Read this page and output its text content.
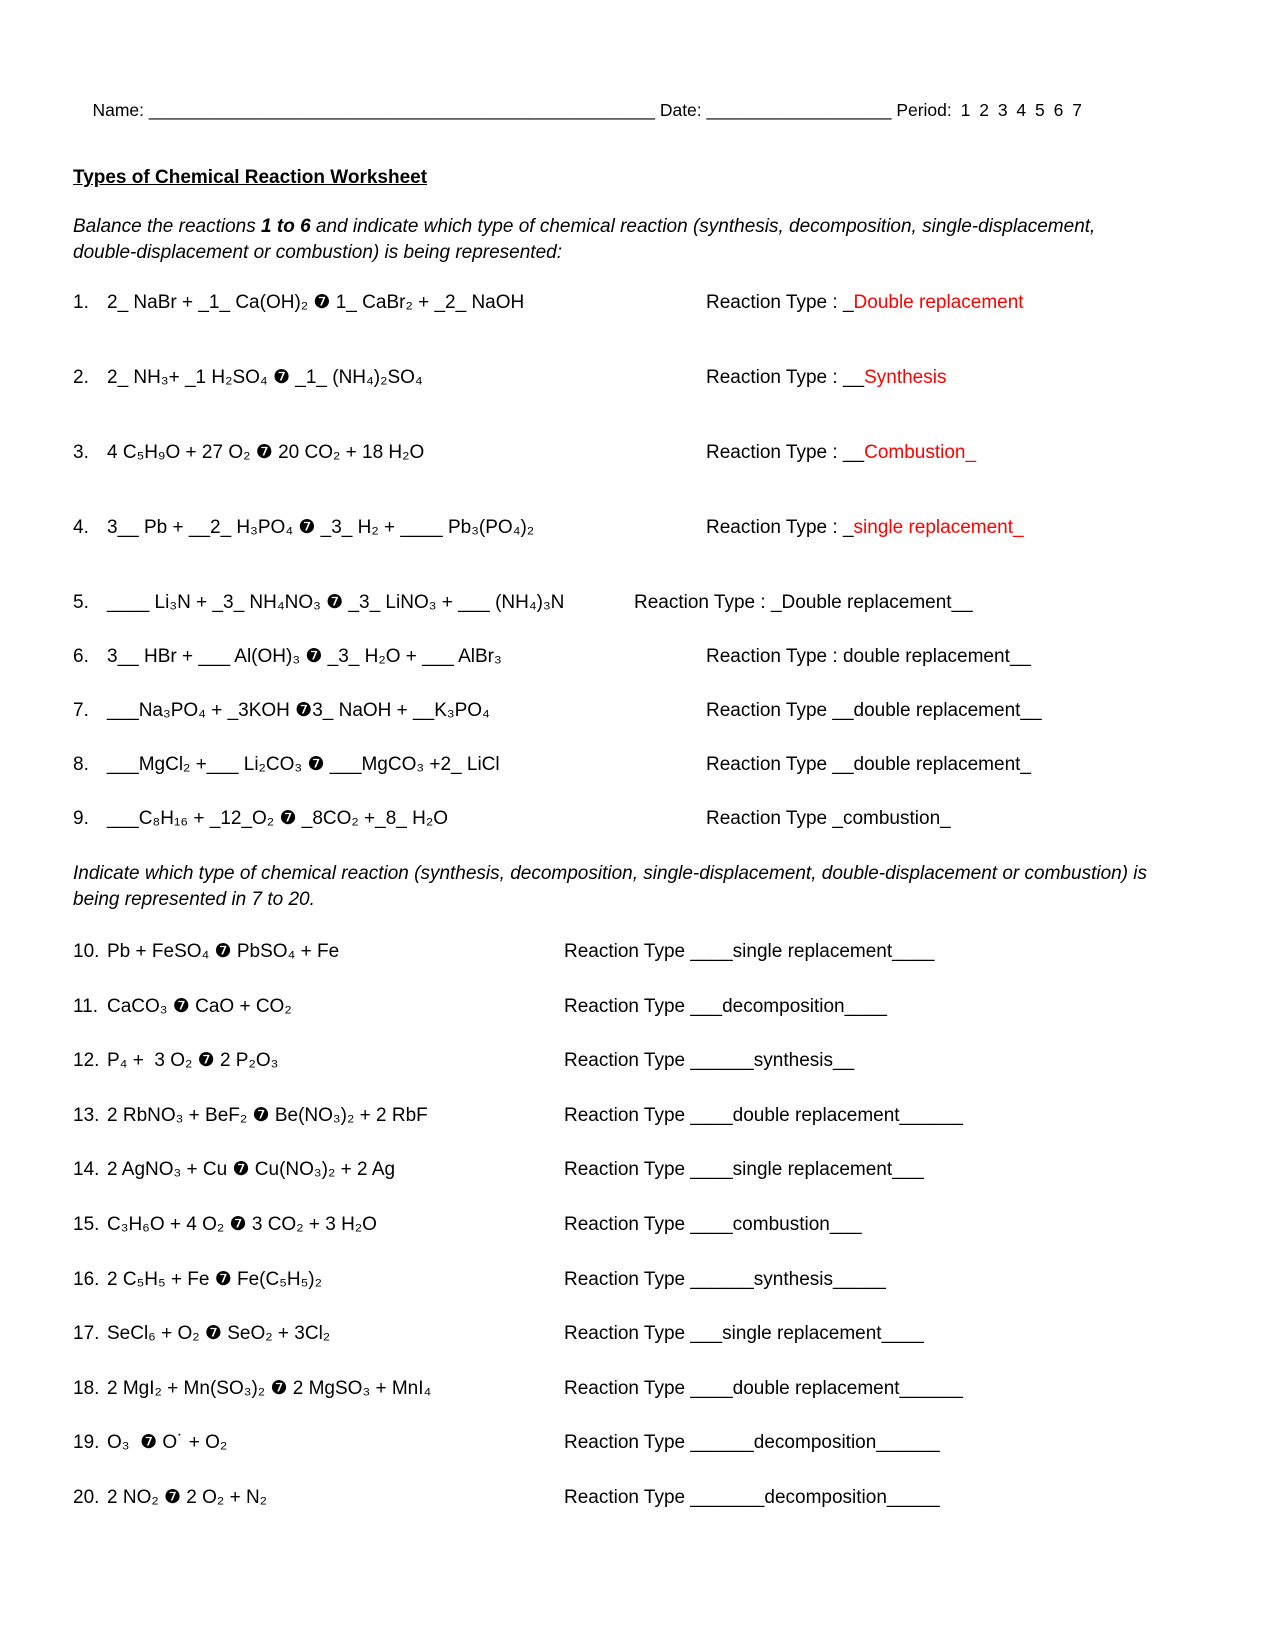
Name: ____________________________________________________ Date: ___________________ Period: 1 2 3 4 5 6 7

Types of Chemical Reaction Worksheet

Balance the reactions 1 to 6 and indicate which type of chemical reaction (synthesis, decomposition, single-displacement, double-displacement or combustion) is being represented:

1. 2_ NaBr + _1_ Ca(OH)₂ ❼ 1_ CaBr₂ + _2_ NaOH	Reaction Type : _Double replacement
2. 2_ NH₃+ _1 H₂SO₄ ❼ _1_ (NH₄)₂SO₄	Reaction Type : __Synthesis
3. 4 C₅H₉O + 27 O₂ ❼ 20 CO₂ + 18 H₂O	Reaction Type : __Combustion_
4. 3__ Pb + __2_ H₃PO₄ ❼ _3_ H₂ + ____ Pb₃(PO₄)₂	Reaction Type : _single replacement_
5. ____ Li₃N + _3_ NH₄NO₃ ❼ _3_ LiNO₃ + ___ (NH₄)₃N	Reaction Type : _Double replacement__
6. 3__ HBr + ___ Al(OH)₃ ❼ _3_ H₂O + ___ AlBr₃	Reaction Type : double replacement__
7. ___Na₃PO₄ + _3KOH ❼3_ NaOH + __K₃PO₄	Reaction Type __double replacement__
8. ___MgCl₂ +___ Li₂CO₃ ❼ ___MgCO₃ +2_ LiCl	Reaction Type __double replacement_
9. ___C₈H₁₆ + _12_O₂ ❼ _8CO₂ +_8_ H₂O	Reaction Type _combustion_

Indicate which type of chemical reaction (synthesis, decomposition, single-displacement, double-displacement or combustion) is being represented in 7 to 20.

10. Pb + FeSO₄ ❼ PbSO₄ + Fe	Reaction Type ____single replacement____
11. CaCO₃ ❼ CaO + CO₂	Reaction Type ___decomposition____
12. P₄ +  3 O₂ ❼ 2 P₂O₃	Reaction Type ______synthesis__
13. 2 RbNO₃ + BeF₂ ❼ Be(NO₃)₂ + 2 RbF	Reaction Type ____double replacement______
14. 2 AgNO₃ + Cu ❼ Cu(NO₃)₂ + 2 Ag	Reaction Type ____single replacement___
15. C₃H₆O + 4 O₂ ❼ 3 CO₂ + 3 H₂O	Reaction Type ____combustion___
16. 2 C₅H₅ + Fe ❼ Fe(C₅H₅)₂	Reaction Type ______synthesis_____
17. SeCl₆ + O₂ ❼ SeO₂ + 3Cl₂	Reaction Type ___single replacement____
18. 2 MgI₂ + Mn(SO₃)₂ ❼ 2 MgSO₃ + MnI₄	Reaction Type ____double replacement______
19. O₃  ❼ O˙ + O₂	Reaction Type ______decomposition______
20. 2 NO₂ ❼ 2 O₂ + N₂	Reaction Type _______decomposition_____
